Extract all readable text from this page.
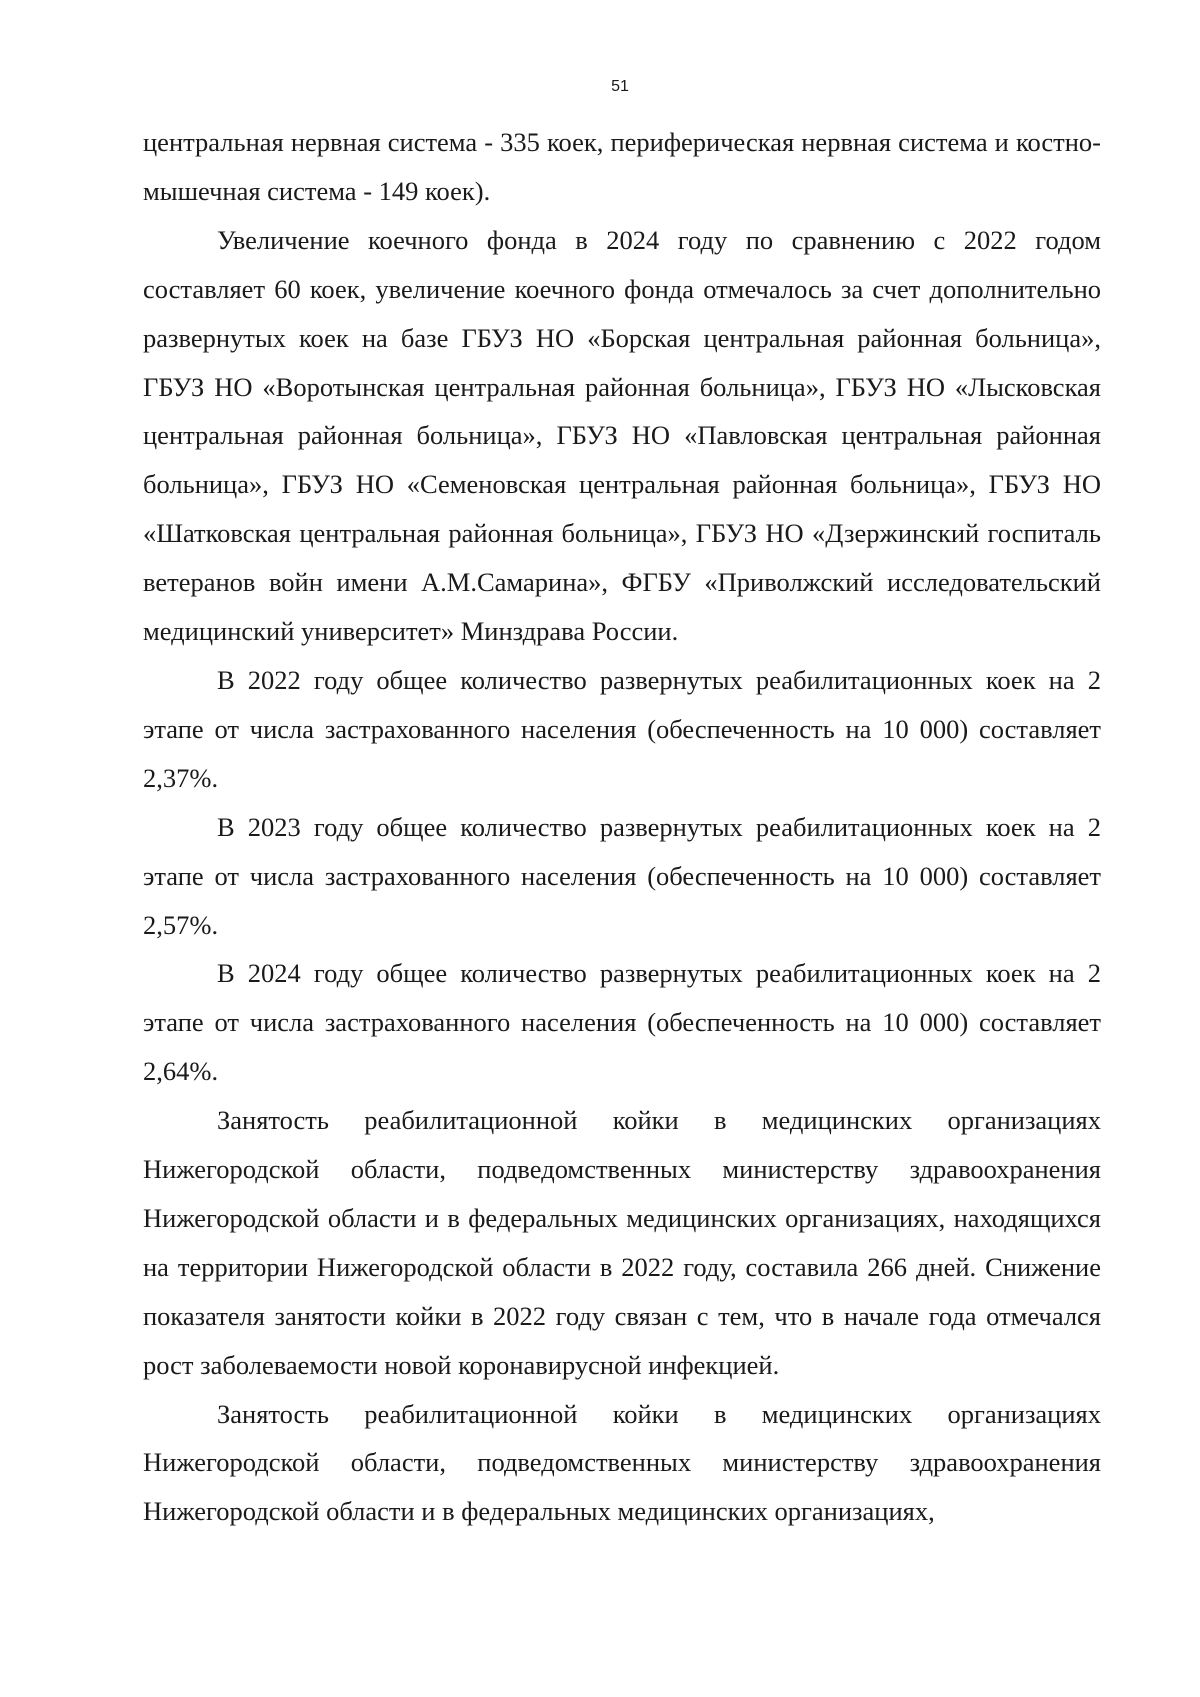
51

центральная нервная система - 335 коек, периферическая нервная система и костно-мышечная система - 149 коек).

Увеличение коечного фонда в 2024 году по сравнению с 2022 годом составляет 60 коек, увеличение коечного фонда отмечалось за счет дополнительно развернутых коек на базе ГБУЗ НО «Борская центральная районная больница», ГБУЗ НО «Воротынская центральная районная больница», ГБУЗ НО «Лысковская центральная районная больница», ГБУЗ НО «Павловская центральная районная больница», ГБУЗ НО «Семеновская центральная районная больница», ГБУЗ НО «Шатковская центральная районная больница», ГБУЗ НО «Дзержинский госпиталь ветеранов войн имени А.М.Самарина», ФГБУ «Приволжский исследовательский медицинский университет» Минздрава России.

В 2022 году общее количество развернутых реабилитационных коек на 2 этапе от числа застрахованного населения (обеспеченность на 10 000) составляет 2,37%.

В 2023 году общее количество развернутых реабилитационных коек на 2 этапе от числа застрахованного населения (обеспеченность на 10 000) составляет 2,57%.

В 2024 году общее количество развернутых реабилитационных коек на 2 этапе от числа застрахованного населения (обеспеченность на 10 000) составляет 2,64%.

Занятость реабилитационной койки в медицинских организациях Нижегородской области, подведомственных министерству здравоохранения Нижегородской области и в федеральных медицинских организациях, находящихся на территории Нижегородской области в 2022 году, составила 266 дней. Снижение показателя занятости койки в 2022 году связан с тем, что в начале года отмечался рост заболеваемости новой коронавирусной инфекцией.

Занятость реабилитационной койки в медицинских организациях Нижегородской области, подведомственных министерству здравоохранения Нижегородской области и в федеральных медицинских организациях,
